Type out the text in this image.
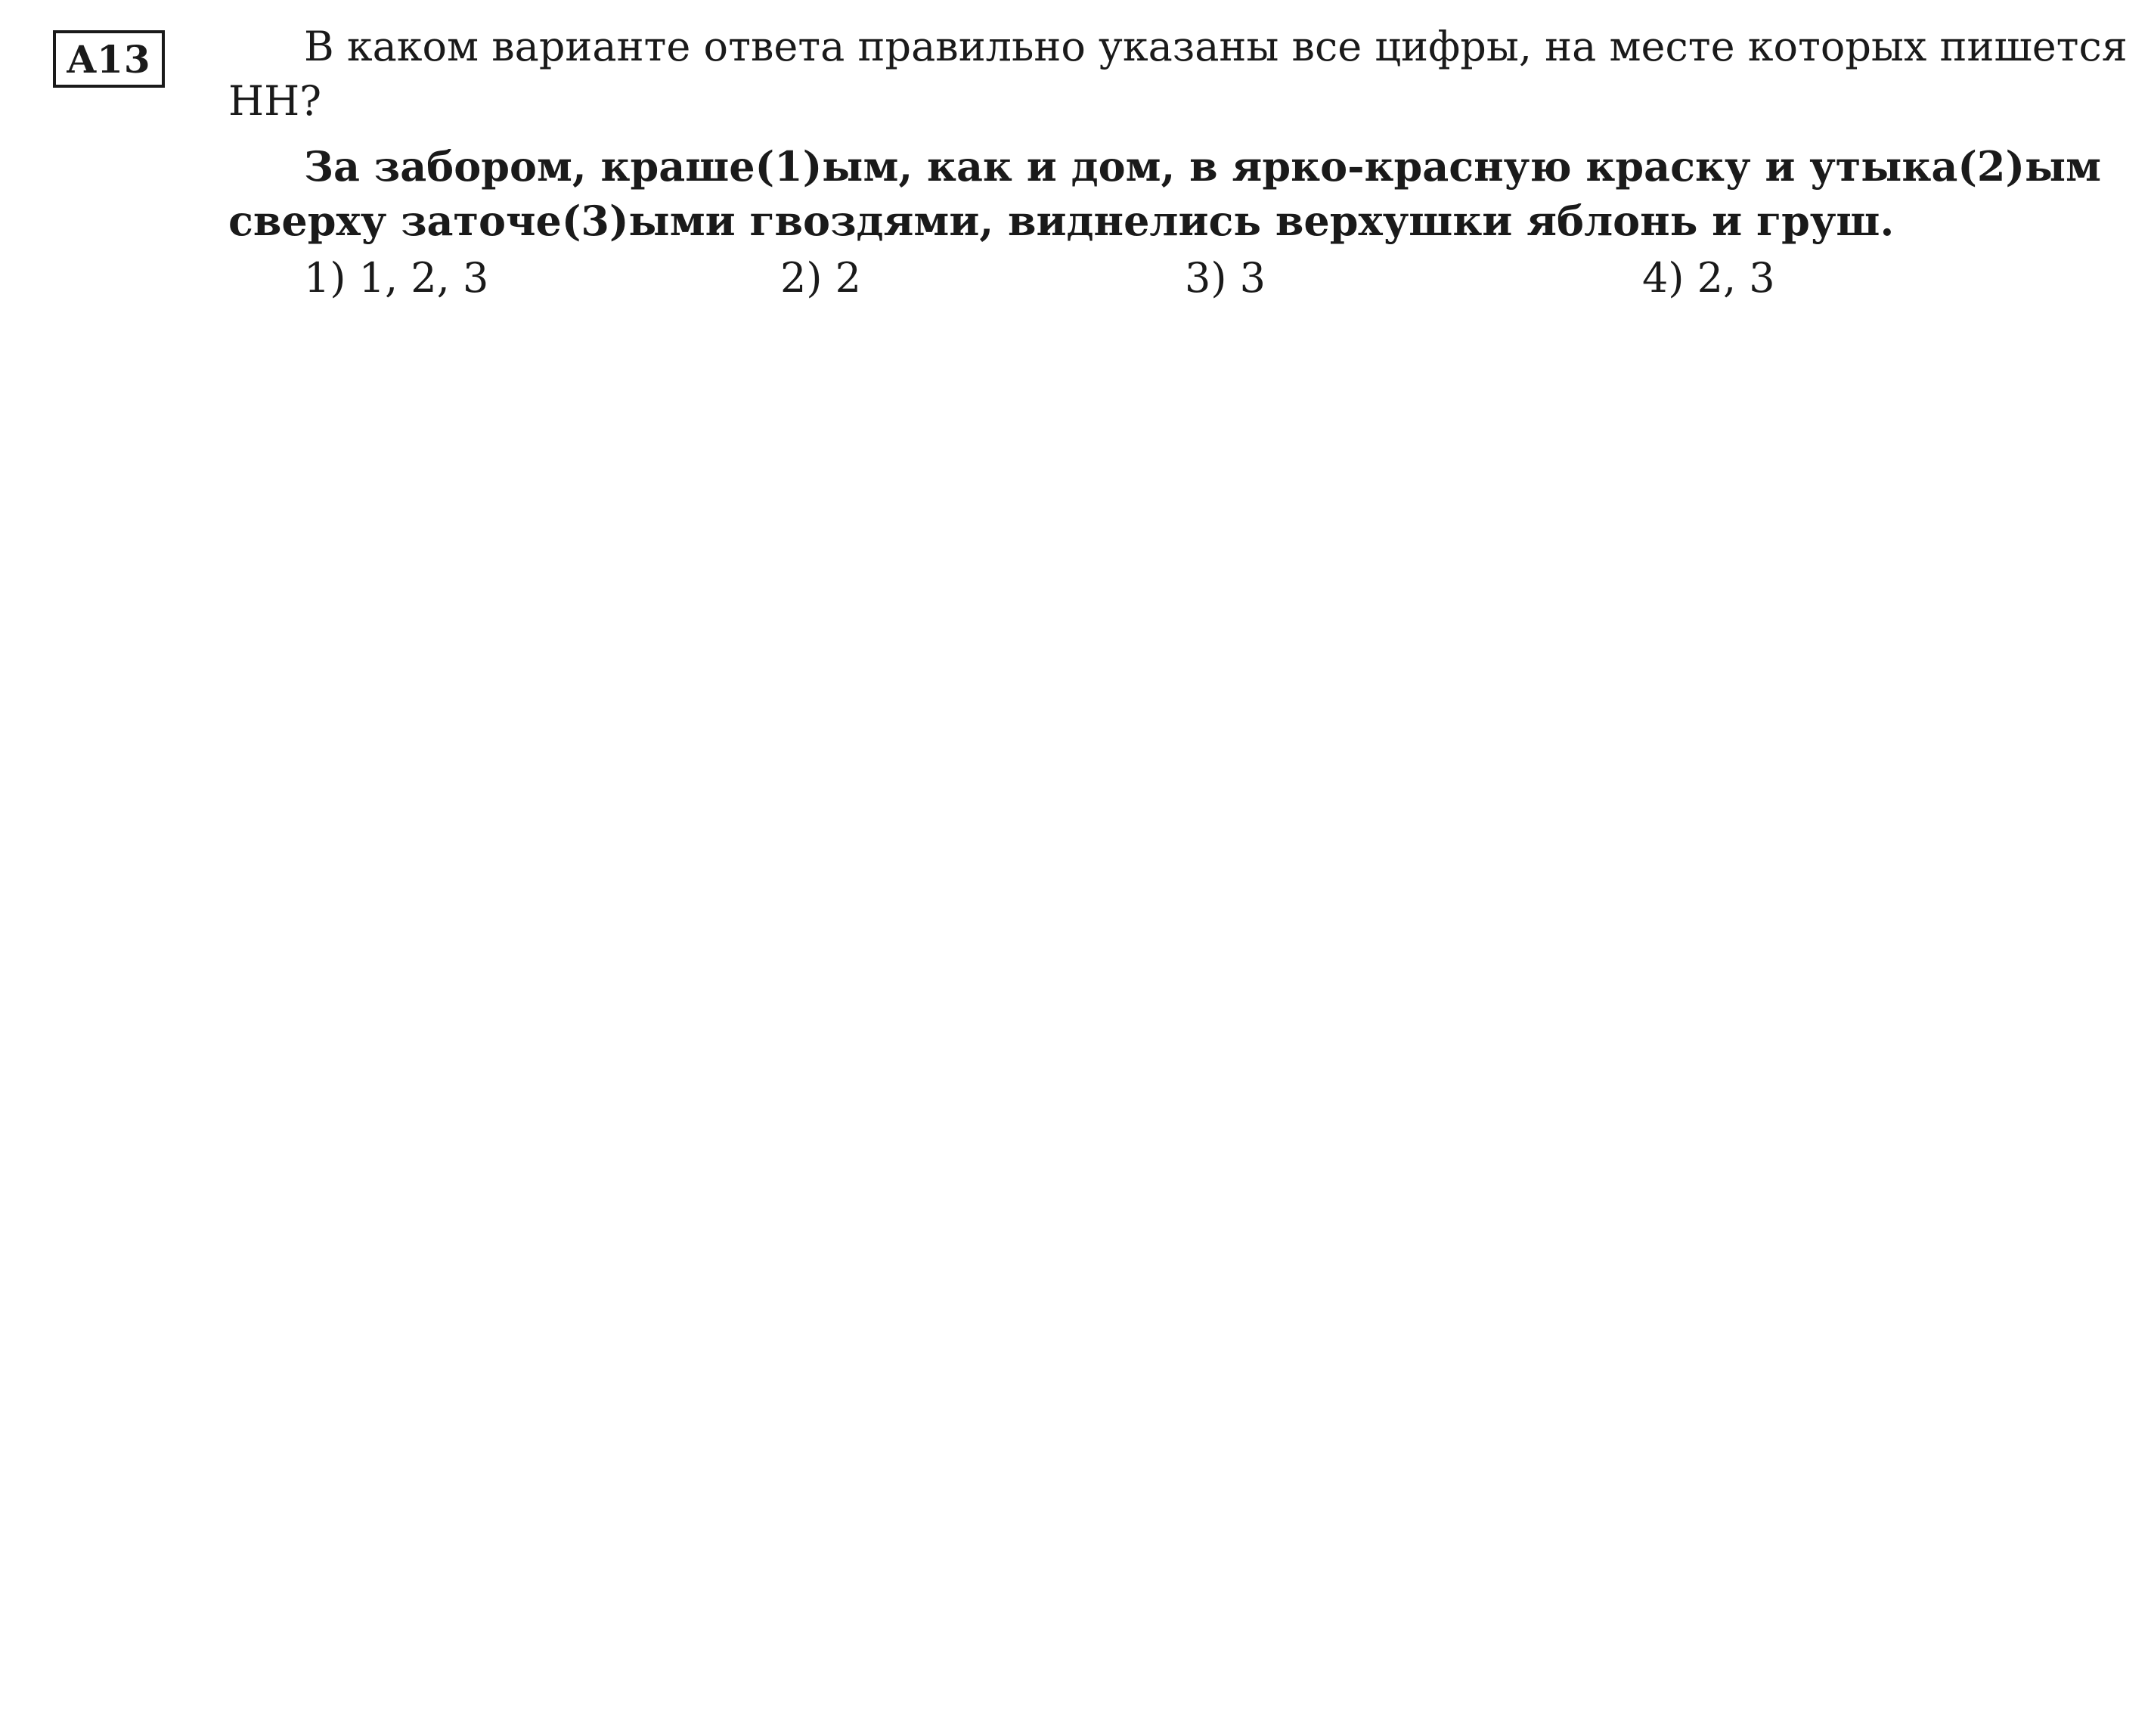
A13	В каком варианте ответа правильно указаны все цифры, на месте которых пишется НН?

За забором, краше(1)ым, как и дом, в ярко-красную краску и утыка(2)ым сверху заточе(3)ыми гвоздями, виднелись верхушки яблонь и груш.

1) 1, 2, 3	2) 2	3) 3	4) 2, 3
